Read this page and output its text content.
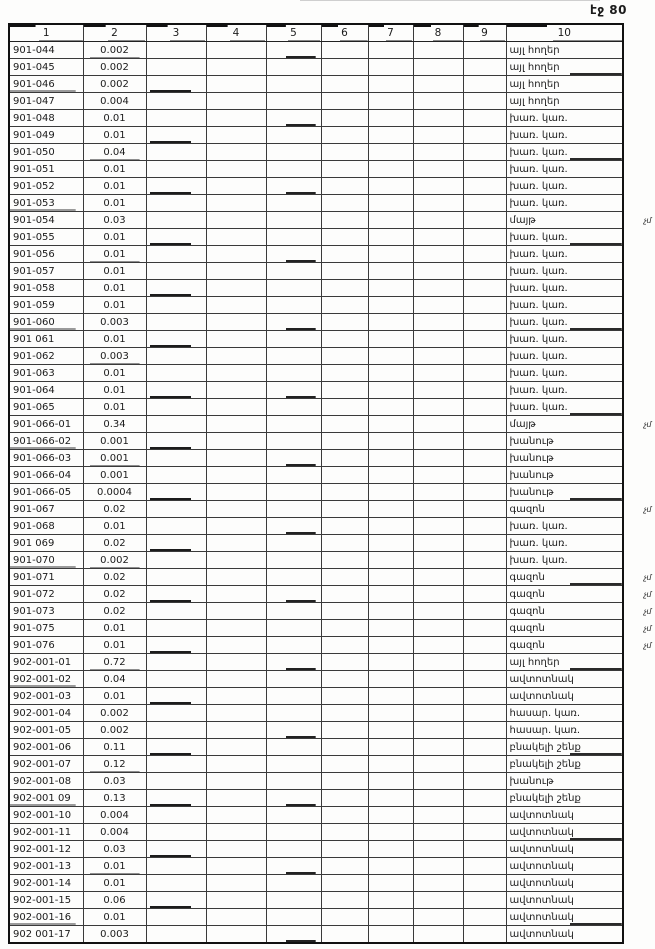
էջ 80
1	2	3	4	5	6	7	8	9	10	
901-044	0.002								այլ հողեր	
901-045	0.002								այլ հողեր	
901-046	0.002								այլ հողեր	
901-047	0.004								այլ հողեր	
901-048	0.01								խառ. կառ.	
901-049	0.01								խառ. կառ.	
901-050	0.04								խառ. կառ.	
901-051	0.01								խառ. կառ.	
901-052	0.01								խառ. կառ.	
901-053	0.01								խառ. կառ.	
901-054	0.03								մայթ	չմ
901-055	0.01								խառ. կառ.	
901-056	0.01								խառ. կառ.	
901-057	0.01								խառ. կառ.	
901-058	0.01								խառ. կառ.	
901-059	0.01								խառ. կառ.	
901-060	0.003								խառ. կառ.	
901 061	0.01								խառ. կառ.	
901-062	0.003								խառ. կառ.	
901-063	0.01								խառ. կառ.	
901-064	0.01								խառ. կառ.	
901-065	0.01								խառ. կառ.	
901-066-01	0.34								մայթ	չմ
901-066-02	0.001								խանութ	
901-066-03	0.001								խանութ	
901-066-04	0.001								խանութ	
901-066-05	0.0004								խանութ	
901-067	0.02								գազոն	չմ
901-068	0.01								խառ. կառ.	
901 069	0.02								խառ. կառ.	
901-070	0.002								խառ. կառ.	
901-071	0.02								գազոն	չմ
901-072	0.02								գազոն	չմ
901-073	0.02								գազոն	չմ
901-075	0.01								գազոն	չմ
901-076	0.01								գազոն	չմ
902-001-01	0.72								այլ հողեր	
902-001-02	0.04								ավտոտնակ	
902-001-03	0.01								ավտոտնակ	
902-001-04	0.002								հասար. կառ.	
902-001-05	0.002								հասար. կառ.	
902-001-06	0.11								բնակելի շենք	
902-001-07	0.12								բնակելի շենք	
902-001-08	0.03								խանութ	
902-001 09	0.13								բնակելի շենք	
902-001-10	0.004								ավտոտնակ	
902-001-11	0.004								ավտոտնակ	
902-001-12	0.03								ավտոտնակ	
902-001-13	0.01								ավտոտնակ	
902-001-14	0.01								ավտոտնակ	
902-001-15	0.06								ավտոտնակ	
902-001-16	0.01								ավտոտնակ	
902 001-17	0.003								ավտոտնակ	
